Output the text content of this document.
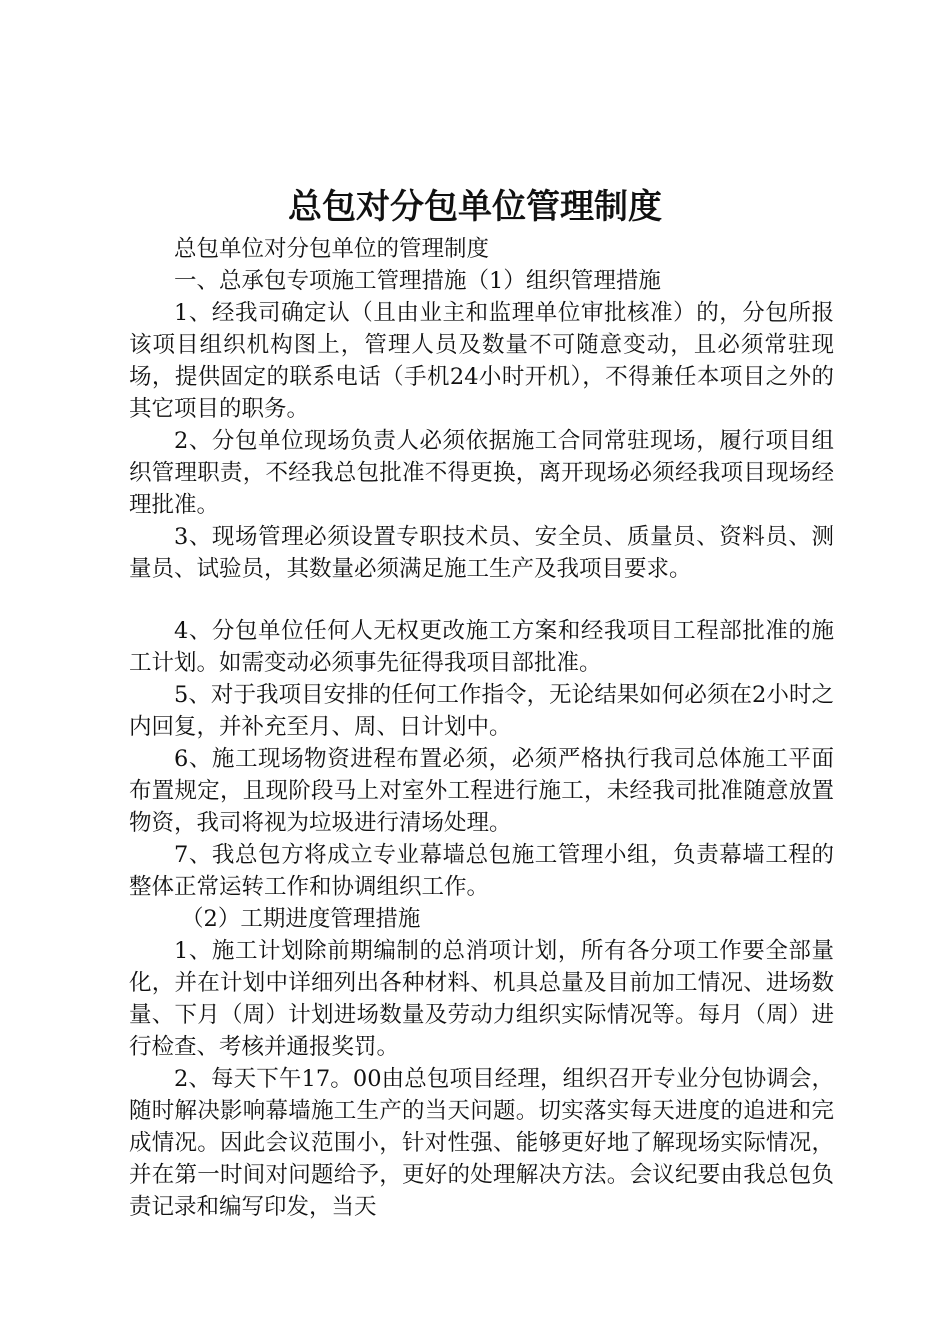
总包对分包单位管理制度

总包单位对分包单位的管理制度

一、总承包专项施工管理措施（1）组织管理措施

1、经我司确定认（且由业主和监理单位审批核准）的，分包所报该项目组织机构图上，管理人员及数量不可随意变动，且必须常驻现场，提供固定的联系电话（手机24小时开机），不得兼任本项目之外的其它项目的职务。

2、分包单位现场负责人必须依据施工合同常驻现场，履行项目组织管理职责，不经我总包批准不得更换，离开现场必须经我项目现场经理批准。

3、现场管理必须设置专职技术员、安全员、质量员、资料员、测量员、试验员，其数量必须满足施工生产及我项目要求。

4、分包单位任何人无权更改施工方案和经我项目工程部批准的施工计划。如需变动必须事先征得我项目部批准。

5、对于我项目安排的任何工作指令，无论结果如何必须在2小时之内回复，并补充至月、周、日计划中。

6、施工现场物资进程布置必须，必须严格执行我司总体施工平面布置规定，且现阶段马上对室外工程进行施工，未经我司批准随意放置物资，我司将视为垃圾进行清场处理。

7、我总包方将成立专业幕墙总包施工管理小组，负责幕墙工程的整体正常运转工作和协调组织工作。

（2）工期进度管理措施

1、施工计划除前期编制的总消项计划，所有各分项工作要全部量化，并在计划中详细列出各种材料、机具总量及目前加工情况、进场数量、下月（周）计划进场数量及劳动力组织实际情况等。每月（周）进行检查、考核并通报奖罚。

2、每天下午17。00由总包项目经理，组织召开专业分包协调会，随时解决影响幕墙施工生产的当天问题。切实落实每天进度的追进和完成情况。因此会议范围小，针对性强、能够更好地了解现场实际情况，并在第一时间对问题给予，更好的处理解决方法。会议纪要由我总包负责记录和编写印发，当天
